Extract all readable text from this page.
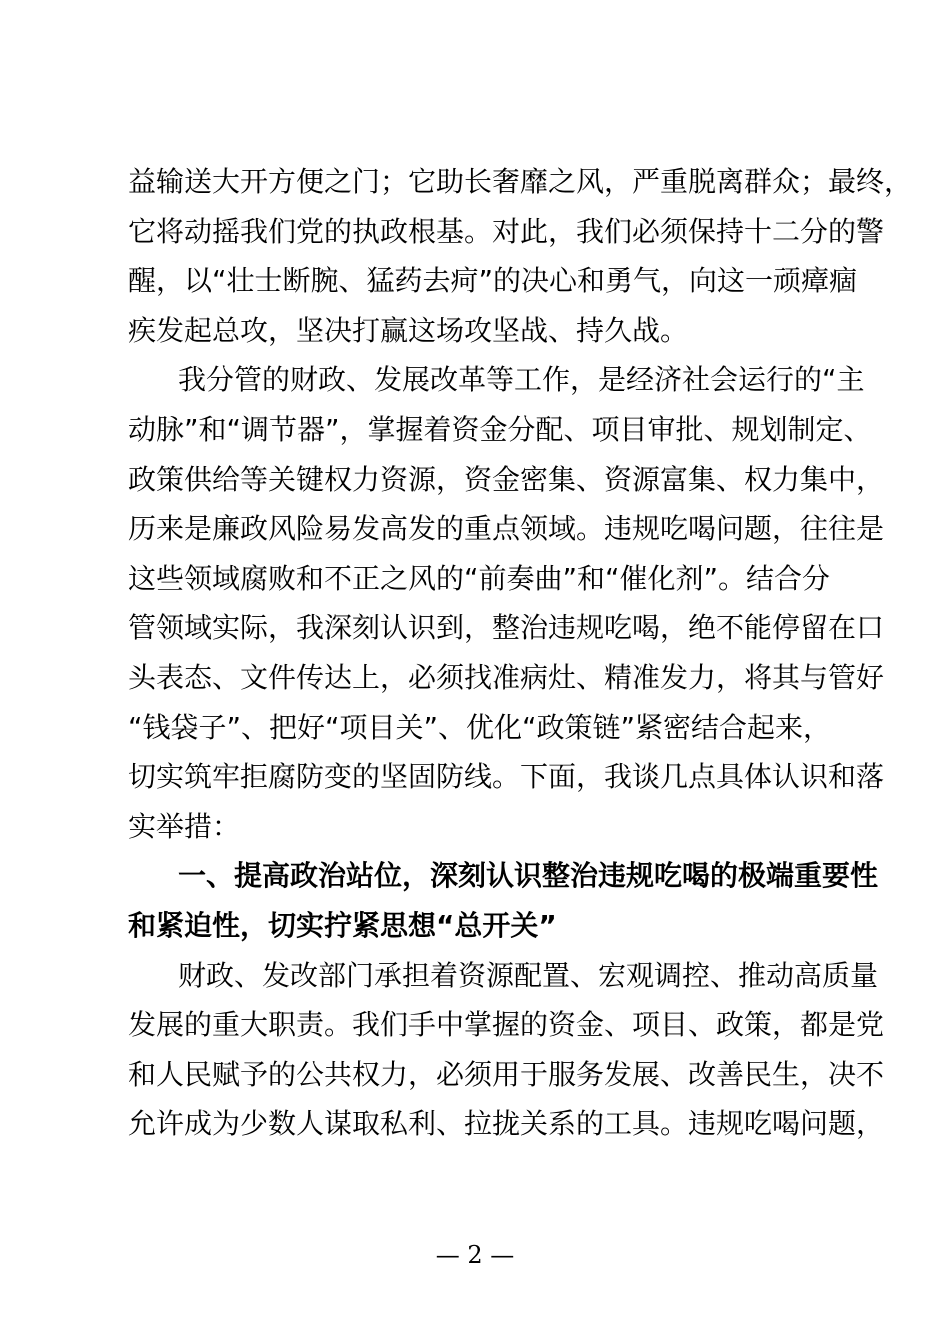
益输送大开方便之门；它助长奢靡之风，严重脱离群众；最终，
它将动摇我们党的执政根基。对此，我们必须保持十二分的警
醒，以“壮士断腕、猛药去疴”的决心和勇气，向这一顽瘴痼
疾发起总攻，坚决打赢这场攻坚战、持久战。
我分管的财政、发展改革等工作，是经济社会运行的“主
动脉”和“调节器”，掌握着资金分配、项目审批、规划制定、
政策供给等关键权力资源，资金密集、资源富集、权力集中，
历来是廉政风险易发高发的重点领域。违规吃喝问题，往往是
这些领域腐败和不正之风的“前奏曲”和“催化剂”。结合分
管领域实际，我深刻认识到，整治违规吃喝，绝不能停留在口
头表态、文件传达上，必须找准病灶、精准发力，将其与管好
“钱袋子”、把好“项目关”、优化“政策链”紧密结合起来，
切实筑牢拒腐防变的坚固防线。下面，我谈几点具体认识和落
实举措：
一、提高政治站位，深刻认识整治违规吃喝的极端重要性
和紧迫性，切实拧紧思想“总开关”
财政、发改部门承担着资源配置、宏观调控、推动高质量
发展的重大职责。我们手中掌握的资金、项目、政策，都是党
和人民赋予的公共权力，必须用于服务发展、改善民生，决不
允许成为少数人谋取私利、拉拢关系的工具。违规吃喝问题，
— 2 —
